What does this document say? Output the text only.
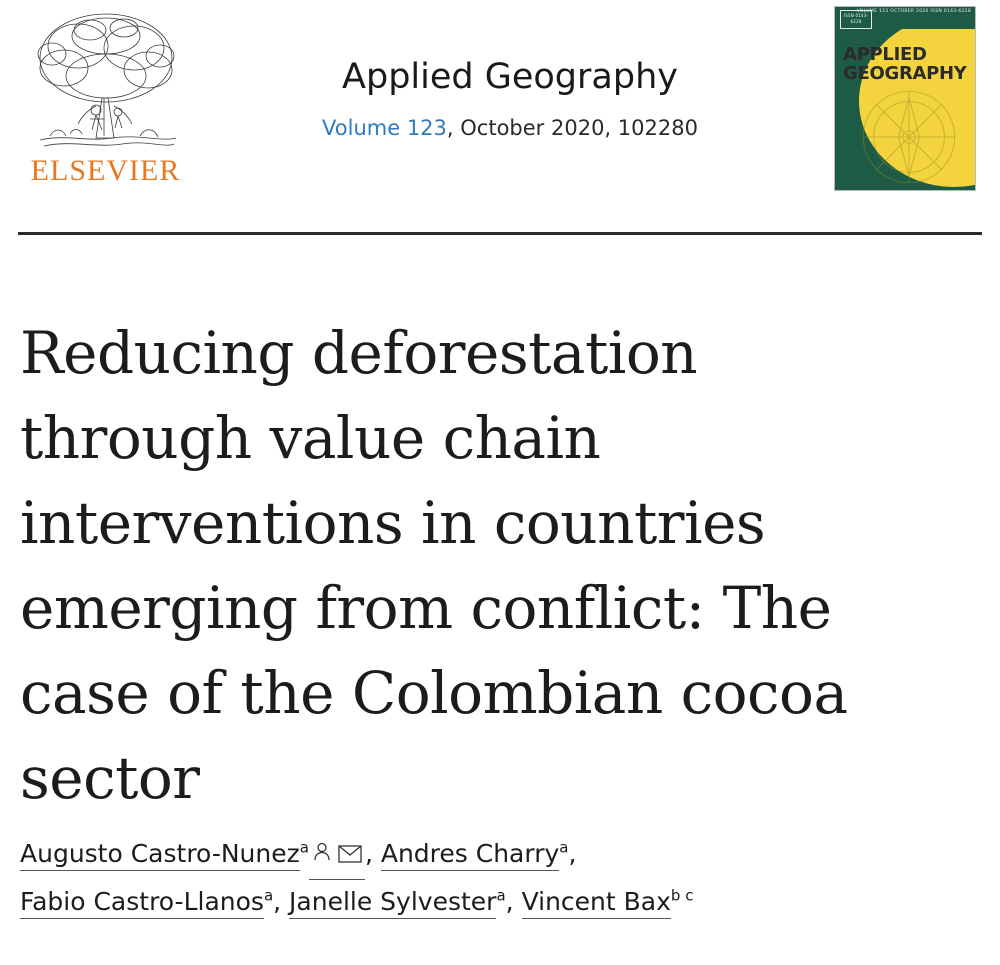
ELSEVIER
Applied Geography
Volume 123, October 2020, 102280
ISSN 0143-6228
VOLUME 123 OCTOBER 2020 ISSN 0143-6228
APPLIED
GEOGRAPHY
Reducing deforestation through value chain interventions in countries emerging from conflict: The case of the Colombian cocoa sector
Augusto Castro-Nunez$^a$ , Andres Charry$^a$,
Fabio Castro-Llanos$^a$, Janelle Sylvester$^a$, Vincent Bax$^{b c}$
